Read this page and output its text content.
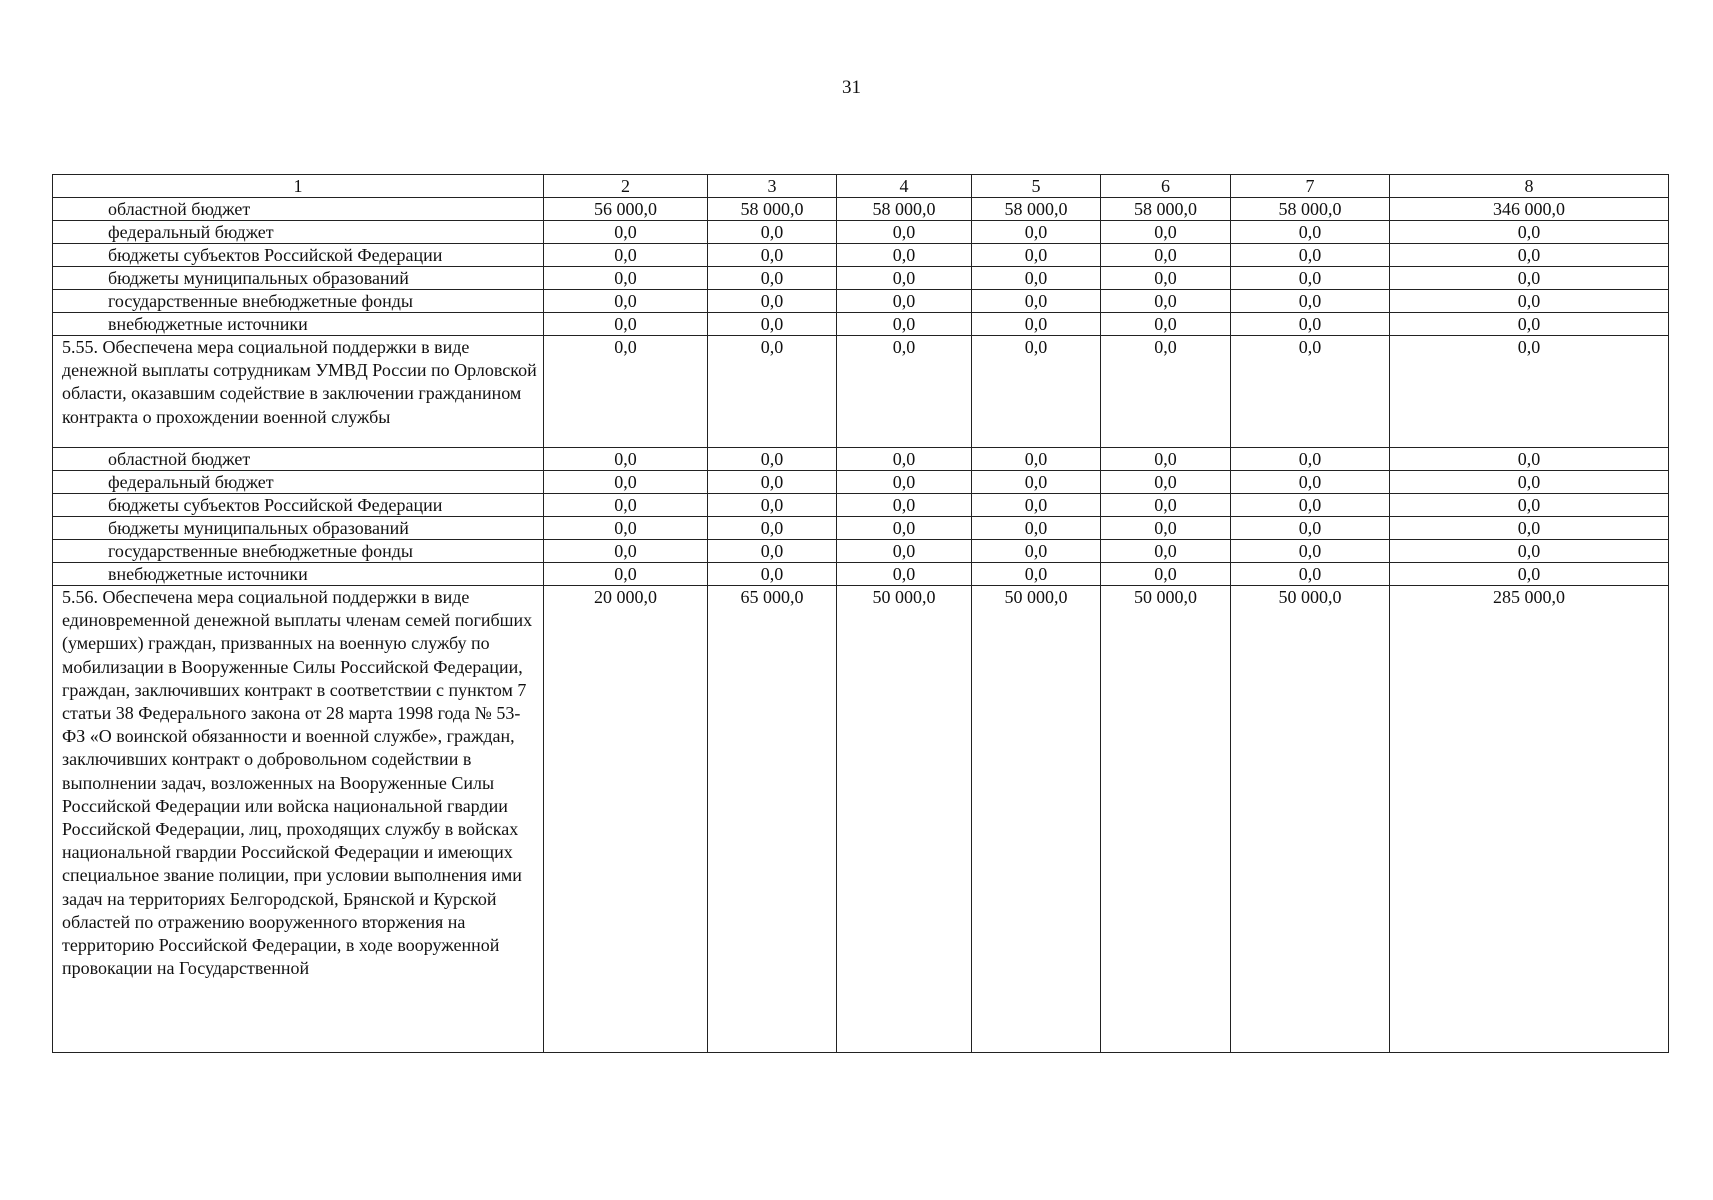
31
1	2	3	4	5	6	7	8
областной бюджет	56 000,0	58 000,0	58 000,0	58 000,0	58 000,0	58 000,0	346 000,0
федеральный бюджет	0,0	0,0	0,0	0,0	0,0	0,0	0,0
бюджеты субъектов Российской Федерации	0,0	0,0	0,0	0,0	0,0	0,0	0,0
бюджеты муниципальных образований	0,0	0,0	0,0	0,0	0,0	0,0	0,0
государственные внебюджетные фонды	0,0	0,0	0,0	0,0	0,0	0,0	0,0
внебюджетные источники	0,0	0,0	0,0	0,0	0,0	0,0	0,0
5.55. Обеспечена мера социальной поддержки в виде денежной выплаты сотрудникам УМВД России по Орловской области, оказавшим содействие в заключении гражданином контракта о прохождении военной службы	0,0	0,0	0,0	0,0	0,0	0,0	0,0
областной бюджет	0,0	0,0	0,0	0,0	0,0	0,0	0,0
федеральный бюджет	0,0	0,0	0,0	0,0	0,0	0,0	0,0
бюджеты субъектов Российской Федерации	0,0	0,0	0,0	0,0	0,0	0,0	0,0
бюджеты муниципальных образований	0,0	0,0	0,0	0,0	0,0	0,0	0,0
государственные внебюджетные фонды	0,0	0,0	0,0	0,0	0,0	0,0	0,0
внебюджетные источники	0,0	0,0	0,0	0,0	0,0	0,0	0,0
5.56. Обеспечена мера социальной поддержки в виде единовременной денежной выплаты членам семей погибших (умерших) граждан, призванных на военную службу по мобилизации в Вооруженные Силы Российской Федерации, граждан, заключивших контракт в соответствии с пунктом 7 статьи 38 Федерального закона от 28 марта 1998 года № 53-ФЗ «О воинской обязанности и военной службе», граждан, заключивших контракт о добровольном содействии в выполнении задач, возложенных на Вооруженные Силы Российской Федерации или войска национальной гвардии Российской Федерации, лиц, проходящих службу в войсках национальной гвардии Российской Федерации и имеющих специальное звание полиции, при условии выполнения ими задач на территориях Белгородской, Брянской и Курской областей по отражению вооруженного вторжения на территорию Российской Федерации, в ходе вооруженной провокации на Государственной	20 000,0	65 000,0	50 000,0	50 000,0	50 000,0	50 000,0	285 000,0
